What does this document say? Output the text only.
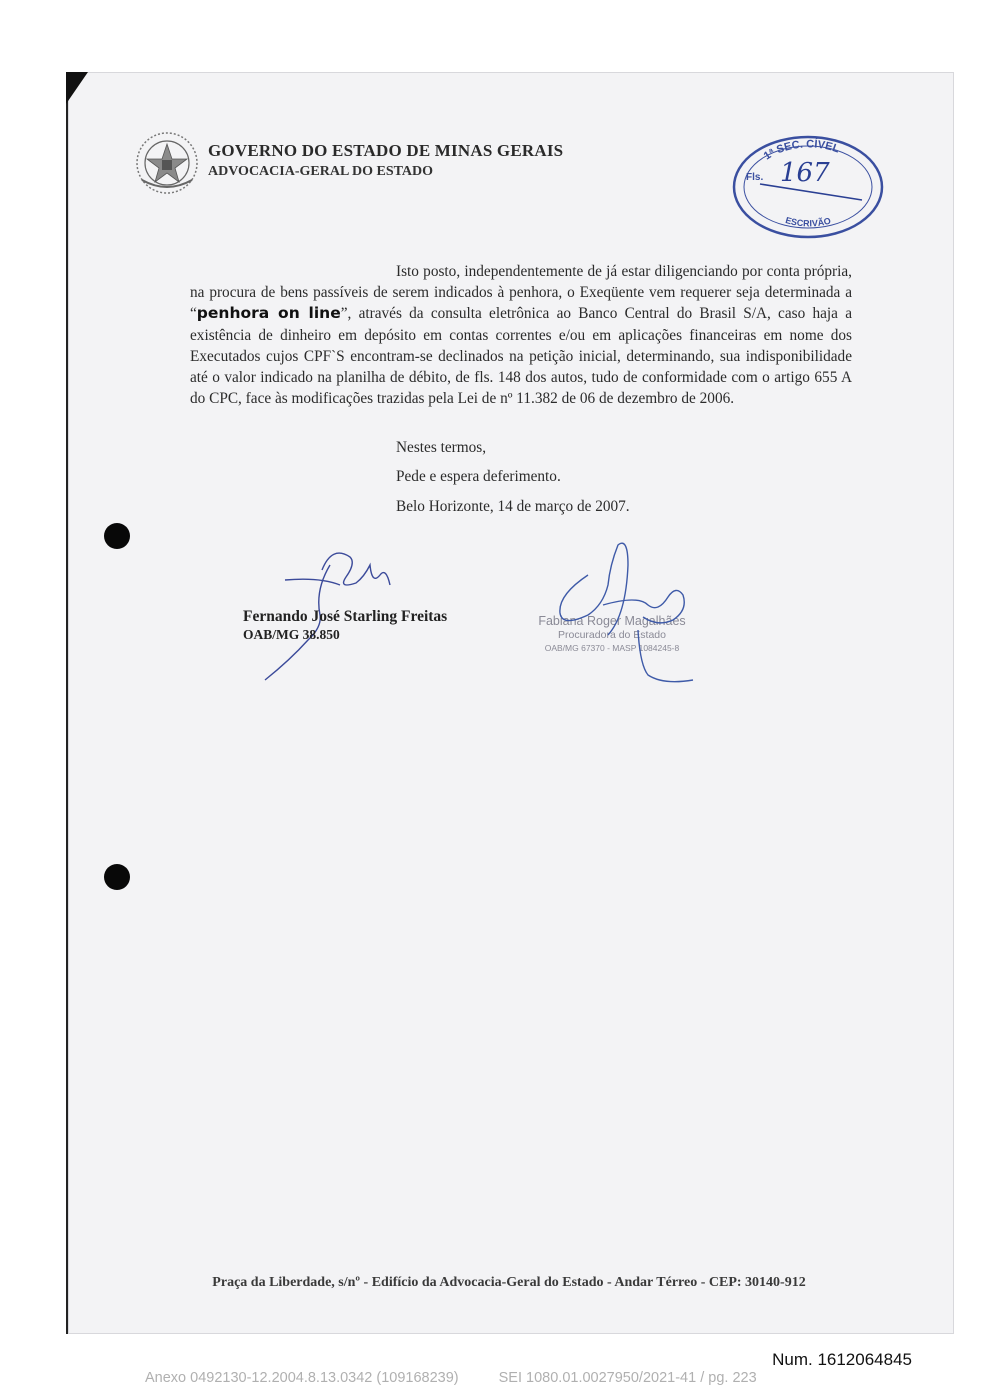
GOVERNO DO ESTADO DE MINAS GERAIS
ADVOCACIA-GERAL DO ESTADO
1ª SEC. CÍVEL
ESCRIVÃO
Fls. 167
Isto posto, independentemente de já estar diligenciando por conta própria, na procura de bens passíveis de serem indicados à penhora, o Exeqüente vem requerer seja determinada a “penhora on line”, através da consulta eletrônica ao Banco Central do Brasil S/A, caso haja a existência de dinheiro em depósito em contas correntes e/ou em aplicações financeiras em nome dos Executados cujos CPF`S encontram-se declinados na petição inicial, determinando, sua indisponibilidade até o valor indicado na planilha de débito, de fls. 148 dos autos, tudo de conformidade com o artigo 655 A do CPC, face às modificações trazidas pela Lei de nº 11.382 de 06 de dezembro de 2006.
Nestes termos,
Pede e espera deferimento.
Belo Horizonte, 14 de março de 2007.
Fernando José Starling Freitas
OAB/MG 38.850
Fabiana Roger Magalhães
Procuradora do Estado
OAB/MG 67370 - MASP 1084245-8
Praça da Liberdade, s/nº - Edifício da Advocacia-Geral do Estado - Andar Térreo - CEP: 30140-912
Num. 1612064845
Anexo 0492130-12.2004.8.13.0342 (109168239)	SEI 1080.01.0027950/2021-41 / pg. 223
